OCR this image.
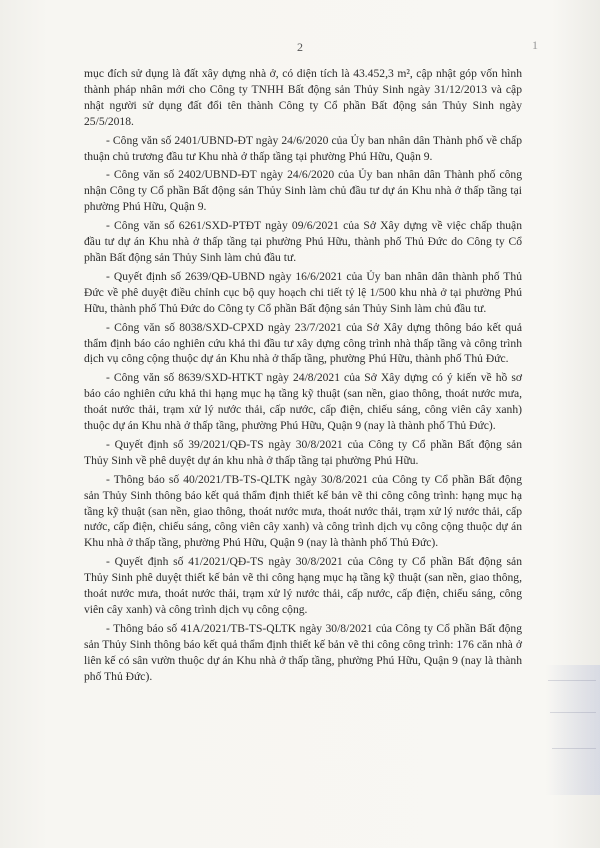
2	1

mục đích sử dụng là đất xây dựng nhà ở, có diện tích là 43.452,3 m², cập nhật góp vốn hình thành pháp nhân mới cho Công ty TNHH Bất động sản Thủy Sinh ngày 31/12/2013 và cập nhật người sử dụng đất đổi tên thành Công ty Cổ phần Bất động sản Thủy Sinh ngày 25/5/2018.

- Công văn số 2401/UBND-ĐT ngày 24/6/2020 của Ủy ban nhân dân Thành phố về chấp thuận chủ trương đầu tư Khu nhà ở thấp tầng tại phường Phú Hữu, Quận 9.

- Công văn số 2402/UBND-ĐT ngày 24/6/2020 của Ủy ban nhân dân Thành phố công nhận Công ty Cổ phần Bất động sản Thủy Sinh làm chủ đầu tư dự án Khu nhà ở thấp tầng tại phường Phú Hữu, Quận 9.

- Công văn số 6261/SXD-PTĐT ngày 09/6/2021 của Sở Xây dựng về việc chấp thuận đầu tư dự án Khu nhà ở thấp tầng tại phường Phú Hữu, thành phố Thủ Đức do Công ty Cổ phần Bất động sản Thủy Sinh làm chủ đầu tư.

- Quyết định số 2639/QĐ-UBND ngày 16/6/2021 của Ủy ban nhân dân thành phố Thủ Đức về phê duyệt điều chỉnh cục bộ quy hoạch chi tiết tỷ lệ 1/500 khu nhà ở tại phường Phú Hữu, thành phố Thủ Đức do Công ty Cổ phần Bất động sản Thủy Sinh làm chủ đầu tư.

- Công văn số 8038/SXD-CPXD ngày 23/7/2021 của Sở Xây dựng thông báo kết quả thẩm định báo cáo nghiên cứu khả thi đầu tư xây dựng công trình nhà thấp tầng và công trình dịch vụ công cộng thuộc dự án Khu nhà ở thấp tầng, phường Phú Hữu, thành phố Thủ Đức.

- Công văn số 8639/SXD-HTKT ngày 24/8/2021 của Sở Xây dựng có ý kiến về hồ sơ báo cáo nghiên cứu khả thi hạng mục hạ tầng kỹ thuật (san nền, giao thông, thoát nước mưa, thoát nước thải, trạm xử lý nước thải, cấp nước, cấp điện, chiếu sáng, công viên cây xanh) thuộc dự án Khu nhà ở thấp tầng, phường Phú Hữu, Quận 9 (nay là thành phố Thủ Đức).

- Quyết định số 39/2021/QĐ-TS ngày 30/8/2021 của Công ty Cổ phần Bất động sản Thủy Sinh về phê duyệt dự án khu nhà ở thấp tầng tại phường Phú Hữu.

- Thông báo số 40/2021/TB-TS-QLTK ngày 30/8/2021 của Công ty Cổ phần Bất động sản Thủy Sinh thông báo kết quả thẩm định thiết kế bản vẽ thi công công trình: hạng mục hạ tầng kỹ thuật (san nền, giao thông, thoát nước mưa, thoát nước thải, trạm xử lý nước thải, cấp nước, cấp điện, chiếu sáng, công viên cây xanh) và công trình dịch vụ công cộng thuộc dự án Khu nhà ở thấp tầng, phường Phú Hữu, Quận 9 (nay là thành phố Thủ Đức).

- Quyết định số 41/2021/QĐ-TS ngày 30/8/2021 của Công ty Cổ phần Bất động sản Thủy Sinh phê duyệt thiết kế bản vẽ thi công hạng mục hạ tầng kỹ thuật (san nền, giao thông, thoát nước mưa, thoát nước thải, trạm xử lý nước thải, cấp nước, cấp điện, chiếu sáng, công viên cây xanh) và công trình dịch vụ công cộng.

- Thông báo số 41A/2021/TB-TS-QLTK ngày 30/8/2021 của Công ty Cổ phần Bất động sản Thủy Sinh thông báo kết quả thẩm định thiết kế bản vẽ thi công công trình: 176 căn nhà ở liên kế có sân vườn thuộc dự án Khu nhà ở thấp tầng, phường Phú Hữu, Quận 9 (nay là thành phố Thủ Đức).
